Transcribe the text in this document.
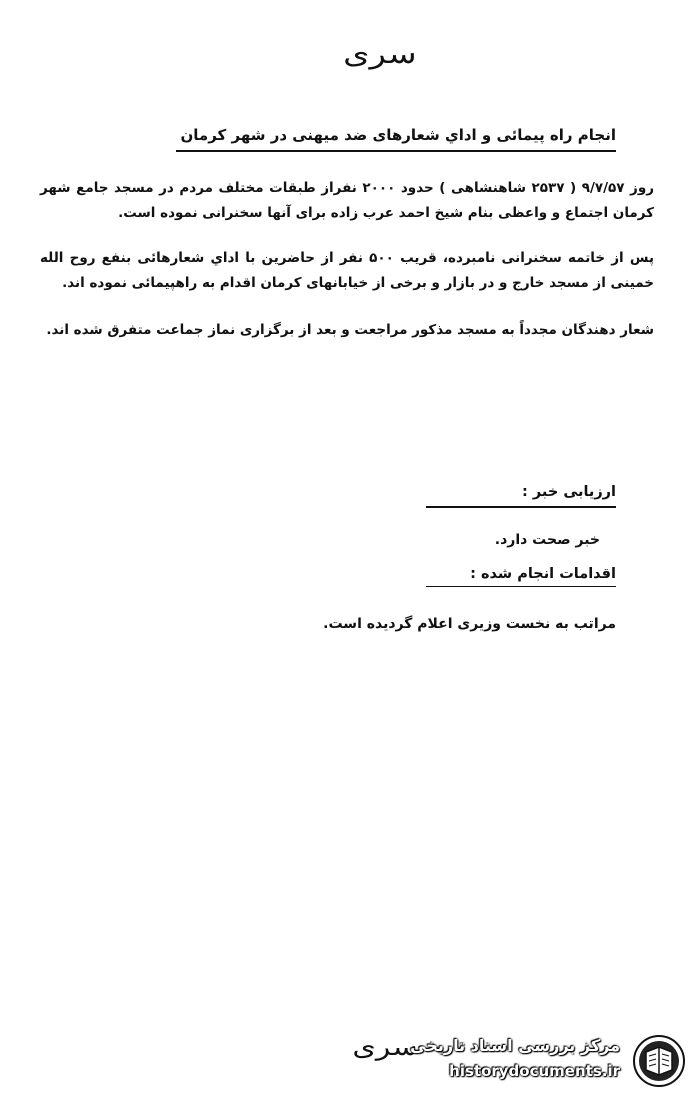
سری
انجام راه پیمائی و اداي شعارهای ضد میهنی در شهر کرمان
روز ۹/۷/۵۷ ( ۲۵۳۷ شاهنشاهی ) حدود ۲۰۰۰ نفراز طبقات مختلف مردم در مسجد جامع شهر کرمان اجتماع و واعظی بنام شیخ احمد عرب زاده برای آنها سخنرانی نموده است.
پس از خاتمه سخنرانی نامبرده، قریب ۵۰۰ نفر از حاضرین با اداي شعارهائی بنفع روح الله خمینی از مسجد خارج و در بازار و برخی از خیابانهای کرمان اقدام به راهپیمائی نموده اند.
شعار دهندگان مجدداً به مسجد مذکور مراجعت و بعد از برگزاری نماز جماعت متفرق شده اند.
ارزیابی خبر :
خبر صحت دارد.
اقدامات انجام شده :
مراتب به نخست وزیری اعلام گردیده است.
سری
مرکز بررسی اسناد تاریخی
historydocuments.ir
